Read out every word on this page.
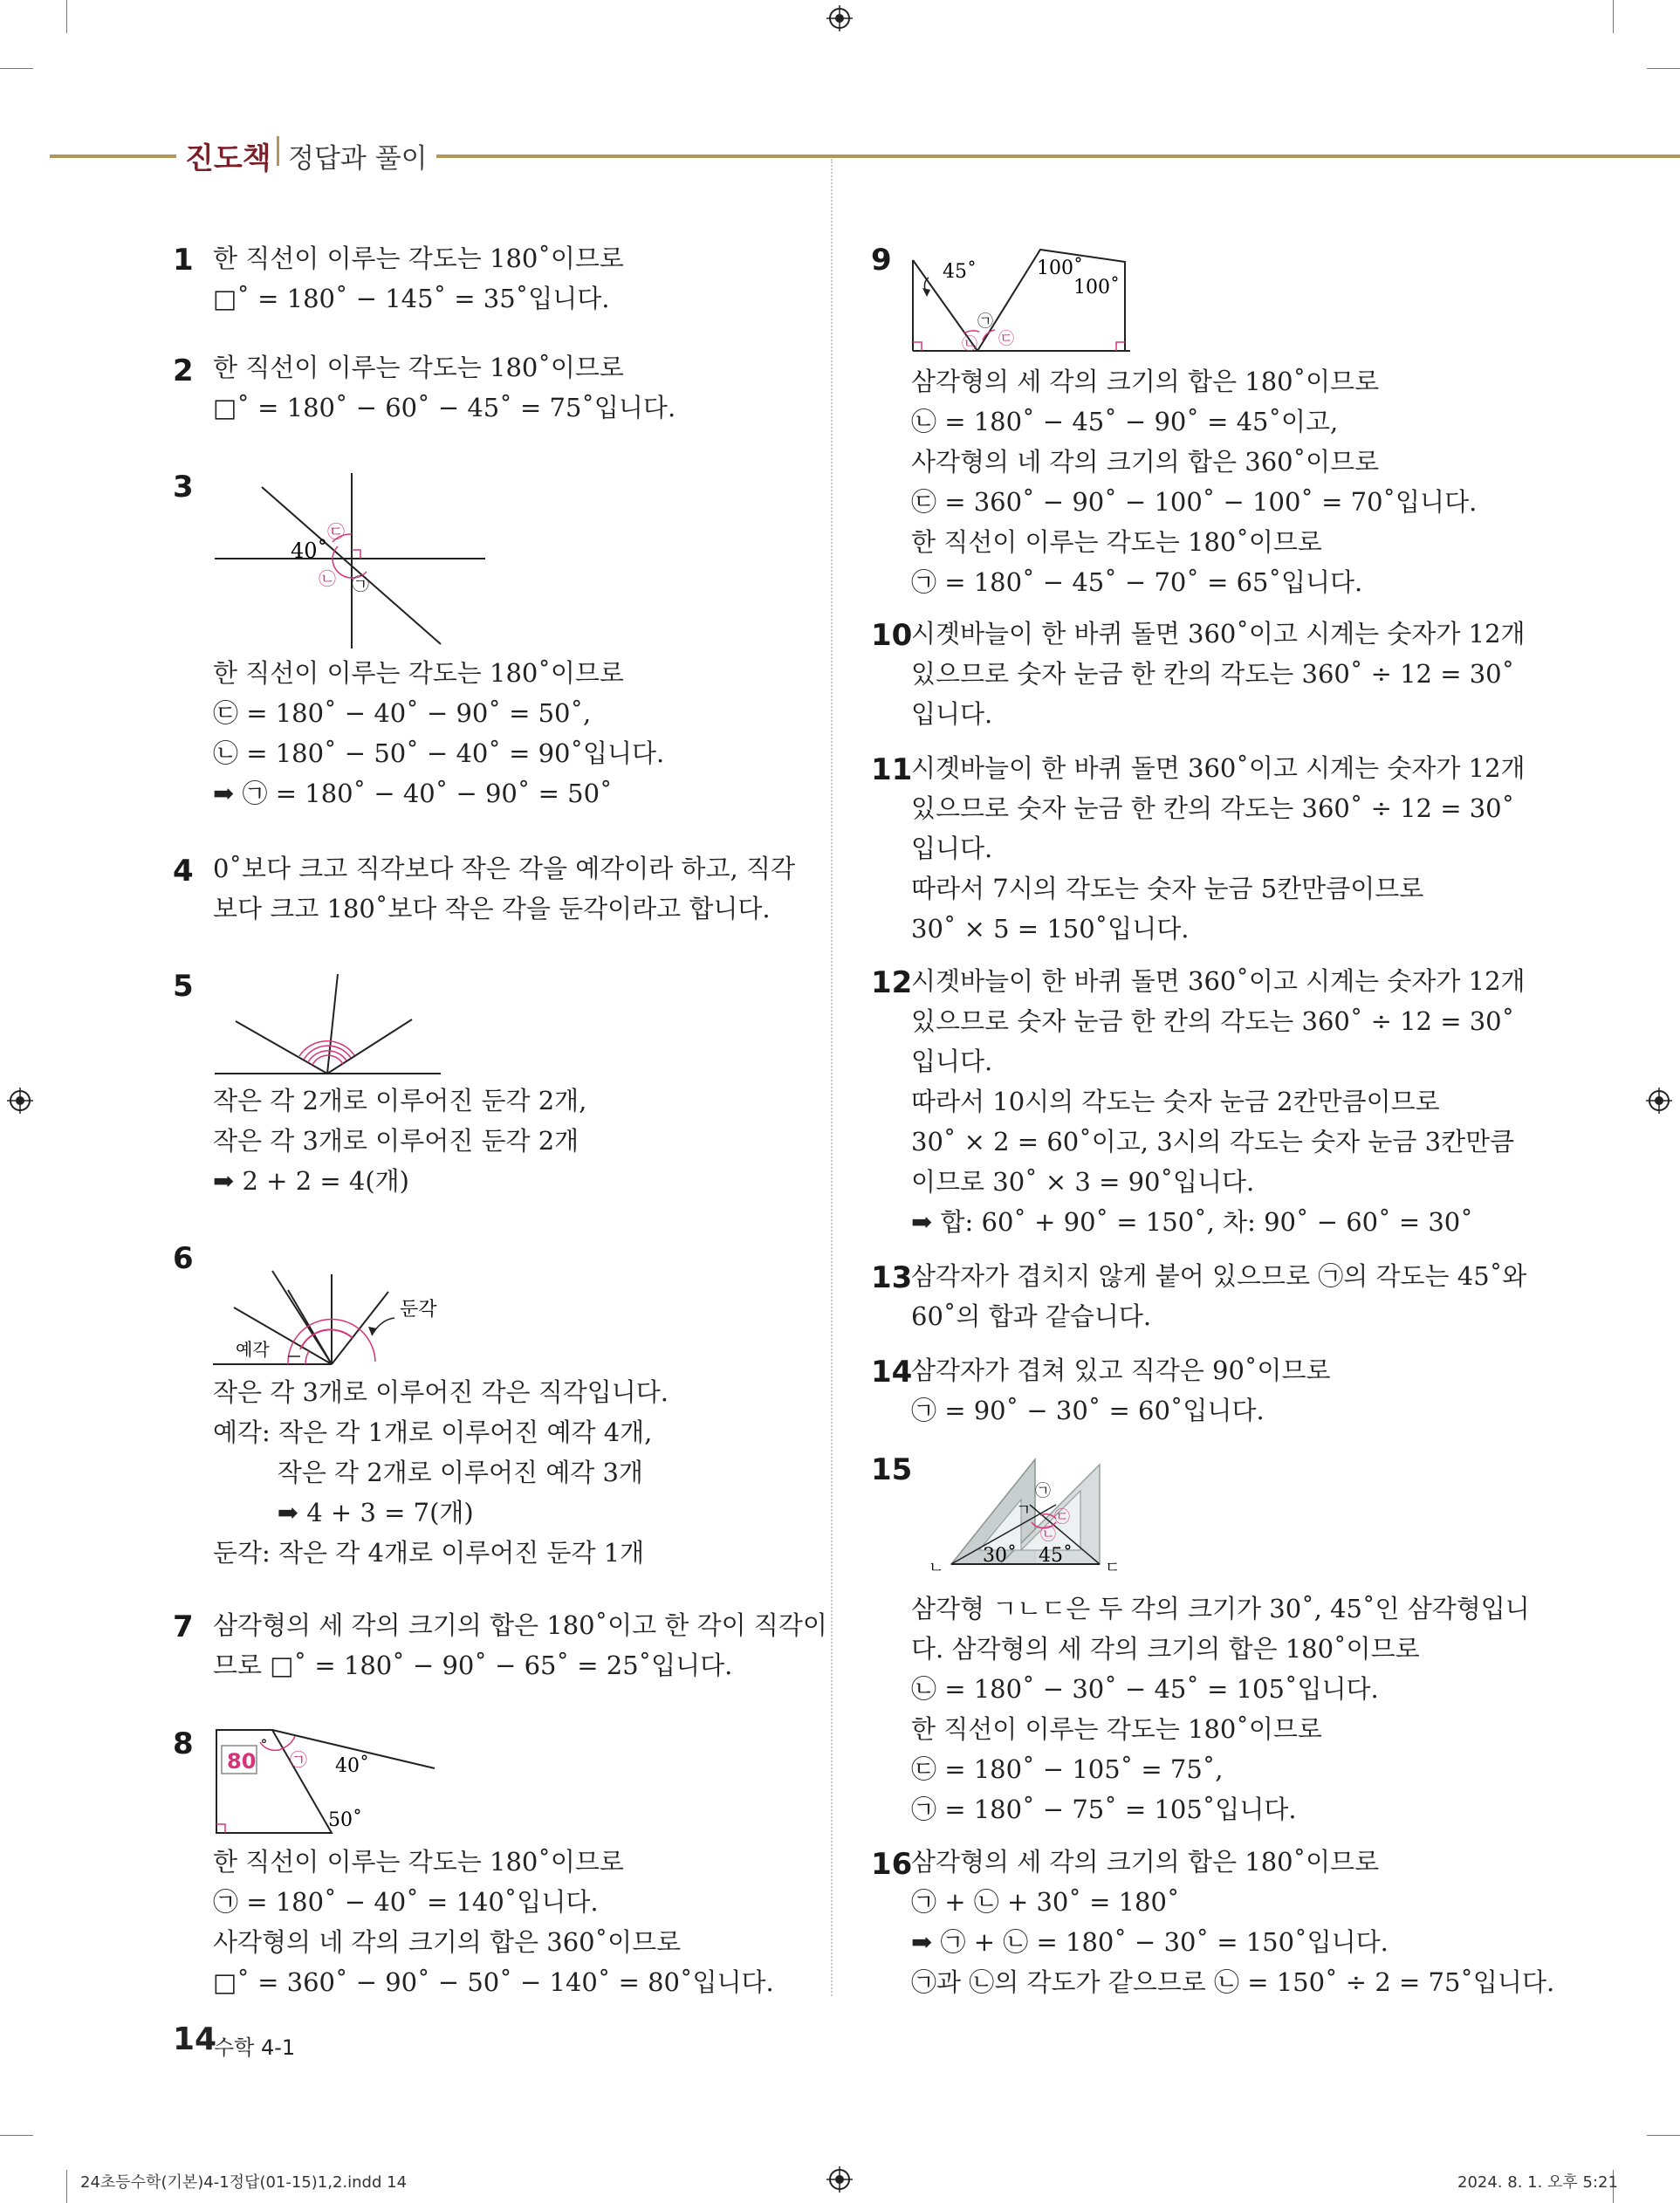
진도책 정답과 풀이
1 한 직선이 이루는 각도는 180˚이므로
□˚ = 180˚ − 145˚ = 35˚입니다.
2 한 직선이 이루는 각도는 180˚이므로
□˚ = 180˚ − 60˚ − 45˚ = 75˚입니다.
3
40˚
㉢
㉡ ㉠
한 직선이 이루는 각도는 180˚이므로
㉢ = 180˚ − 40˚ − 90˚ = 50˚,
㉡ = 180˚ − 50˚ − 40˚ = 90˚입니다.
➡ ㉠ = 180˚ − 40˚ − 90˚ = 50˚
4 0˚보다 크고 직각보다 작은 각을 예각이라 하고, 직각
보다 크고 180˚보다 작은 각을 둔각이라고 합니다.
5
작은 각 2개로 이루어진 둔각 2개,
작은 각 3개로 이루어진 둔각 2개
➡ 2 + 2 = 4(개)
6
둔각
예각
작은 각 3개로 이루어진 각은 직각입니다.
예각: 작은 각 1개로 이루어진 예각 4개,
작은 각 2개로 이루어진 예각 3개
➡ 4 + 3 = 7(개)
둔각: 작은 각 4개로 이루어진 둔각 1개
7 삼각형의 세 각의 크기의 합은 180˚이고 한 각이 직각이
므로 □˚ = 180˚ − 90˚ − 65˚ = 25˚입니다.
8	80
˚
㉠ 40˚
50˚
한 직선이 이루는 각도는 180˚이므로
㉠ = 180˚ − 40˚ = 140˚입니다.
사각형의 네 각의 크기의 합은 360˚이므로
□˚ = 360˚ − 90˚ − 50˚ − 140˚ = 80˚입니다.
9	45˚	100˚
100˚
㉡
㉠
㉢
삼각형의 세 각의 크기의 합은 180˚이므로
㉡ = 180˚ − 45˚ − 90˚ = 45˚이고,
사각형의 네 각의 크기의 합은 360˚이므로
㉢ = 360˚ − 90˚ − 100˚ − 100˚ = 70˚입니다.
한 직선이 이루는 각도는 180˚이므로
㉠ = 180˚ − 45˚ − 70˚ = 65˚입니다.
10
시곗바늘이 한 바퀴 돌면 360˚이고 시계는 숫자가 12개
있으므로 숫자 눈금 한 칸의 각도는 360˚ ÷ 12 = 30˚
입니다.
11
시곗바늘이 한 바퀴 돌면 360˚이고 시계는 숫자가 12개
있으므로 숫자 눈금 한 칸의 각도는 360˚ ÷ 12 = 30˚
입니다.
따라서 7시의 각도는 숫자 눈금 5칸만큼이므로
30˚ × 5 = 150˚입니다.
12
시곗바늘이 한 바퀴 돌면 360˚이고 시계는 숫자가 12개
있으므로 숫자 눈금 한 칸의 각도는 360˚ ÷ 12 = 30˚
입니다.
따라서 10시의 각도는 숫자 눈금 2칸만큼이므로
30˚ × 2 = 60˚이고, 3시의 각도는 숫자 눈금 3칸만큼
이므로 30˚ × 3 = 90˚입니다.
➡ 합: 60˚ + 90˚ = 150˚, 차: 90˚ − 60˚ = 30˚
13
삼각자가 겹치지 않게 붙어 있으므로 ㉠의 각도는 45˚와
60˚의 합과 같습니다.
14
삼각자가 겹쳐 있고 직각은 90˚이므로
㉠ = 90˚ − 30˚ = 60˚입니다.
15
㉠
㉢
㉡
ㄱ
ㄴ	ㄷ
30˚ 45˚
삼각형 ㄱㄴㄷ은 두 각의 크기가 30˚, 45˚인 삼각형입니
다. 삼각형의 세 각의 크기의 합은 180˚이므로
㉡ = 180˚ − 30˚ − 45˚ = 105˚입니다.
한 직선이 이루는 각도는 180˚이므로
㉢ = 180˚ − 105˚ = 75˚,
㉠ = 180˚ − 75˚ = 105˚입니다.
16
삼각형의 세 각의 크기의 합은 180˚이므로
㉠ + ㉡ + 30˚ = 180˚
➡ ㉠ + ㉡ = 180˚ − 30˚ = 150˚입니다.
㉠과 ㉡의 각도가 같으므로 ㉡ = 150˚ ÷ 2 = 75˚입니다.
14
수학 4-1
24초등수학(기본)4-1정답(01-15)1,2.indd 14	2024. 8. 1. 오후 5:21
